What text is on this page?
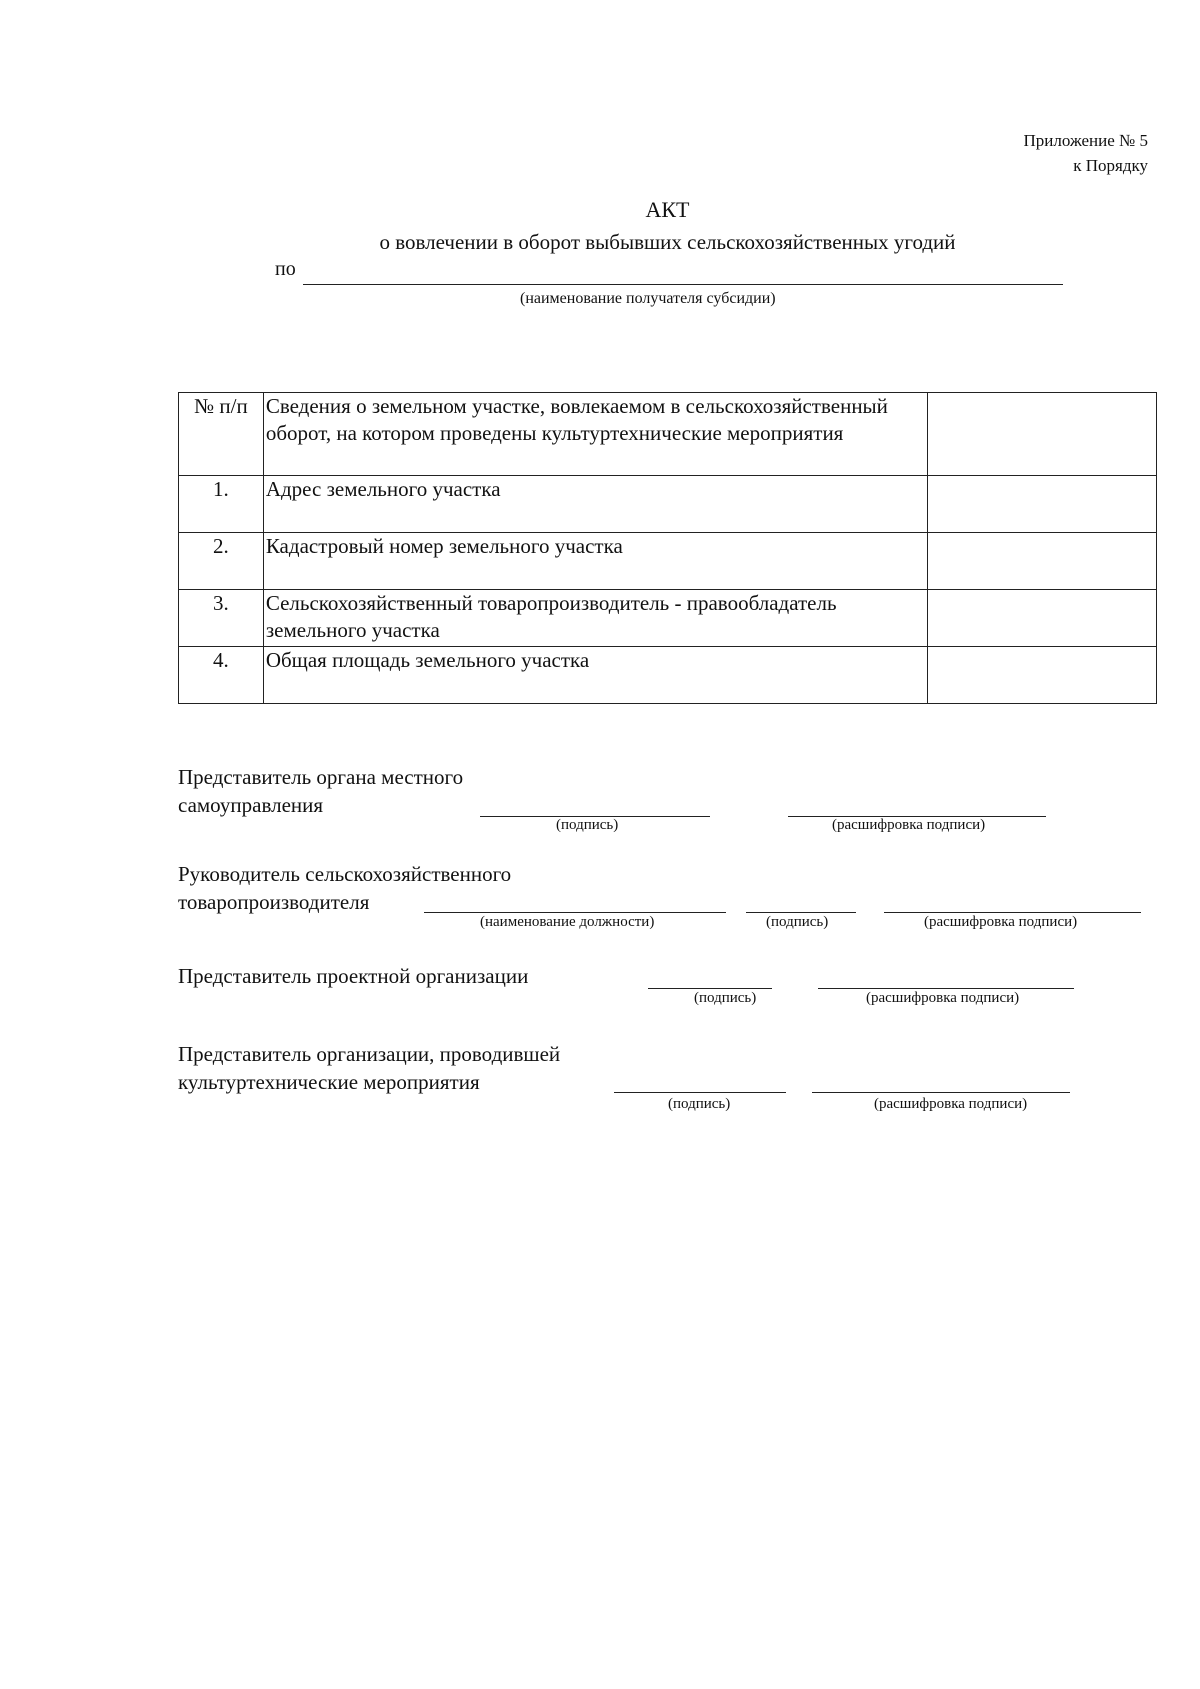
Приложение № 5
к Порядку
АКТ
о вовлечении в оборот выбывших сельскохозяйственных угодий
по
(наименование получателя субсидии)
№ п/п	Сведения о земельном участке, вовлекаемом в сельскохозяйственный оборот, на котором проведены культуртехнические мероприятия	
1.	Адрес земельного участка	
2.	Кадастровый номер земельного участка	
3.	Сельскохозяйственный товаропроизводитель - правообладатель земельного участка	
4.	Общая площадь земельного участка	
Представитель органа местного
самоуправления
(подпись)	(расшифровка подписи)
Руководитель сельскохозяйственного
товаропроизводителя
(наименование должности)	(подпись)	(расшифровка подписи)
Представитель проектной организации
(подпись)	(расшифровка подписи)
Представитель организации, проводившей
культуртехнические мероприятия
(подпись)	(расшифровка подписи)
